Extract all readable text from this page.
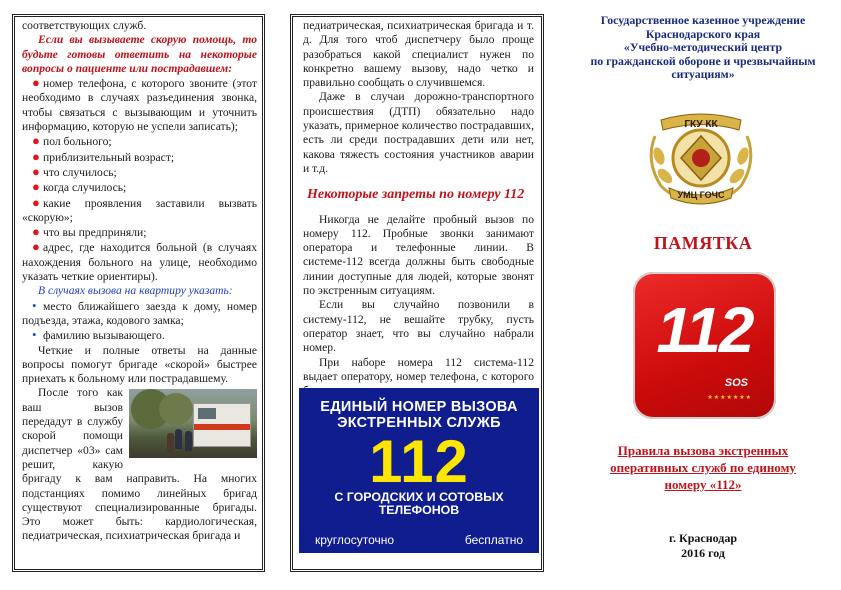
соответствующих служб.

Если вы вызываете скорую помощь, то будьте готовы ответить на некоторые вопросы о пациенте или пострадавшем:

● номер телефона, с которого звоните (этот необходимо в случаях разъединения звонка, чтобы связаться с вызывающим и уточнить информацию, которую не успели записать);
● пол больного;
● приблизительный возраст;
● что случилось;
● когда случилось;
● какие проявления заставили вызвать «скорую»;
● что вы предприняли;
● адрес, где находится больной (в случаях нахождения больного на улице, необходимо указать четкие ориентиры).

В случаях вызова на квартиру указать:

• место ближайшего заезда к дому, номер подъезда, этажа, кодового замка;
• фамилию вызывающего.

Четкие и полные ответы на данные вопросы помогут бригаде «скорой» быстрее приехать к больному или пострадавшему.

После того как ваш вызов передадут в службу скорой помощи диспетчер «03» сам решит, какую бригаду к вам направить. На многих подстанциях помимо линейных бригад существуют специализированные бригады. Это может быть: кардиологическая, педиатрическая, психиатрическая бригада и

педиатрическая, психиатрическая бригада и т. д. Для того чтоб диспетчеру было проще разобраться какой специалист нужен по конкретно вашему вызову, надо четко и правильно сообщать о случившемся.

Даже в случаи дорожно-транспортного происшествия (ДТП) обязательно надо указать, примерное количество пострадавших, есть ли среди пострадавших дети или нет, какова тяжесть состояния участников аварии и т.д.

Некоторые запреты по номеру 112

Никогда не делайте пробный вызов по номеру 112. Пробные звонки занимают оператора и телефонные линии. В системе-112 всегда должны быть свободные линии доступные для людей, которые звонят по экстренным ситуациям.

Если вы случайно позвонили в систему-112, не вешайте трубку, пусть оператор знает, что вы случайно набрали номер.

При наборе номера 112 система-112 выдает оператору, номер телефона, с которого

ЕДИНЫЙ НОМЕР ВЫЗОВА
ЭКСТРЕННЫХ СЛУЖБ
112
С ГОРОДСКИХ И СОТОВЫХ
ТЕЛЕФОНОВ
круглосуточно	бесплатно
Государственное казенное учреждение
Краснодарского края
«Учебно-методический центр
по гражданской обороне и чрезвычайным
ситуациям»
ГКУ КК
УМЦ ГОЧС
ПАМЯТКА
112
SOS
★★★★★★★
Правила вызова экстренных оперативных служб по единому номеру «112»
г. Краснодар
2016 год
